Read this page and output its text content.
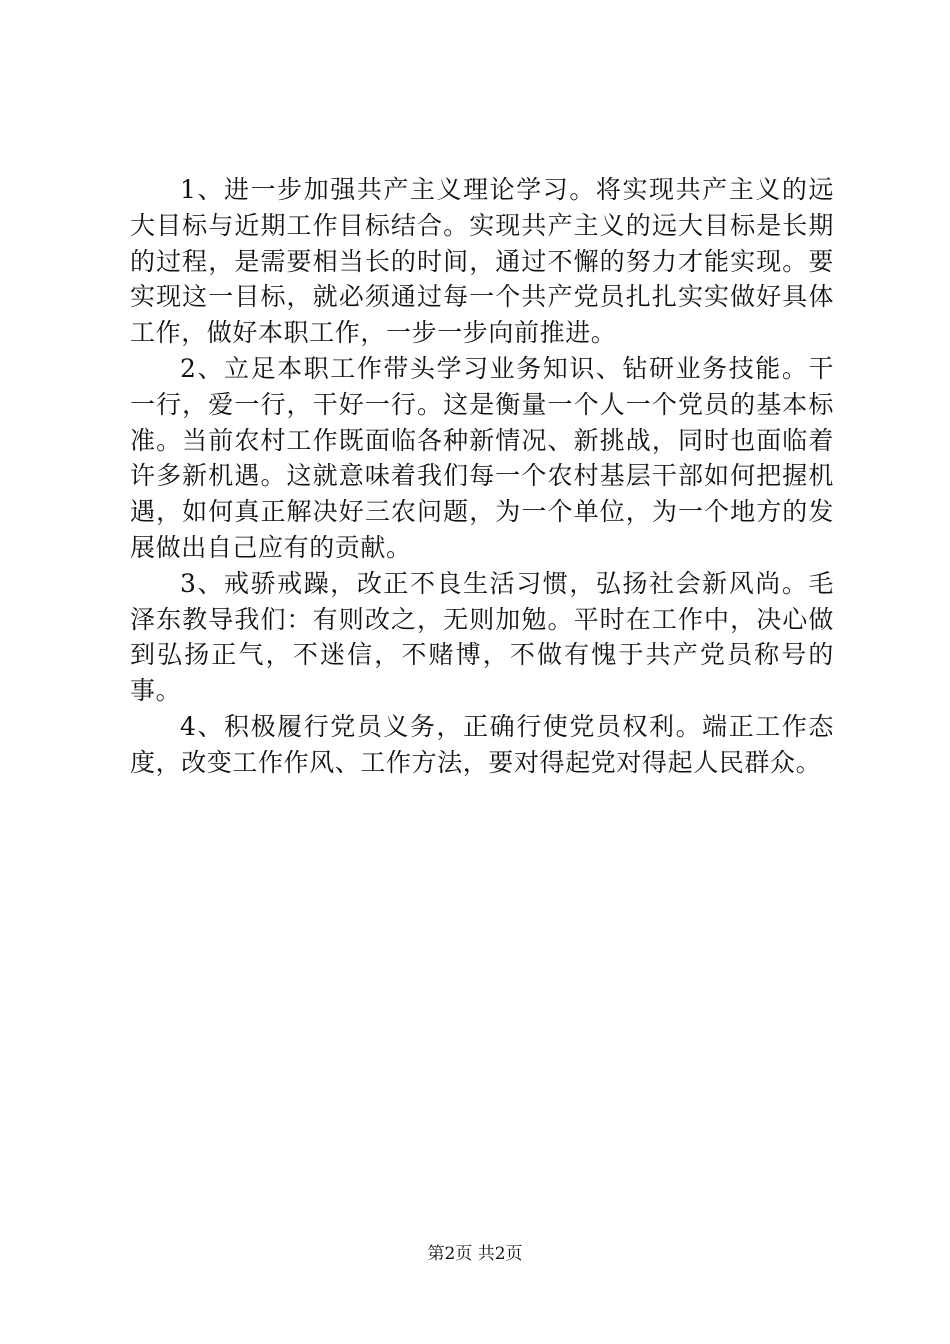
1、进一步加强共产主义理论学习。将实现共产主义的远大目标与近期工作目标结合。实现共产主义的远大目标是长期的过程，是需要相当长的时间，通过不懈的努力才能实现。要实现这一目标，就必须通过每一个共产党员扎扎实实做好具体工作，做好本职工作，一步一步向前推进。

2、立足本职工作带头学习业务知识、钻研业务技能。干一行，爱一行，干好一行。这是衡量一个人一个党员的基本标准。当前农村工作既面临各种新情况、新挑战，同时也面临着许多新机遇。这就意味着我们每一个农村基层干部如何把握机遇，如何真正解决好三农问题，为一个单位，为一个地方的发展做出自己应有的贡献。

3、戒骄戒躁，改正不良生活习惯，弘扬社会新风尚。毛泽东教导我们：有则改之，无则加勉。平时在工作中，决心做到弘扬正气，不迷信，不赌博，不做有愧于共产党员称号的事。

4、积极履行党员义务，正确行使党员权利。端正工作态度，改变工作作风、工作方法，要对得起党对得起人民群众。

第2页 共2页
